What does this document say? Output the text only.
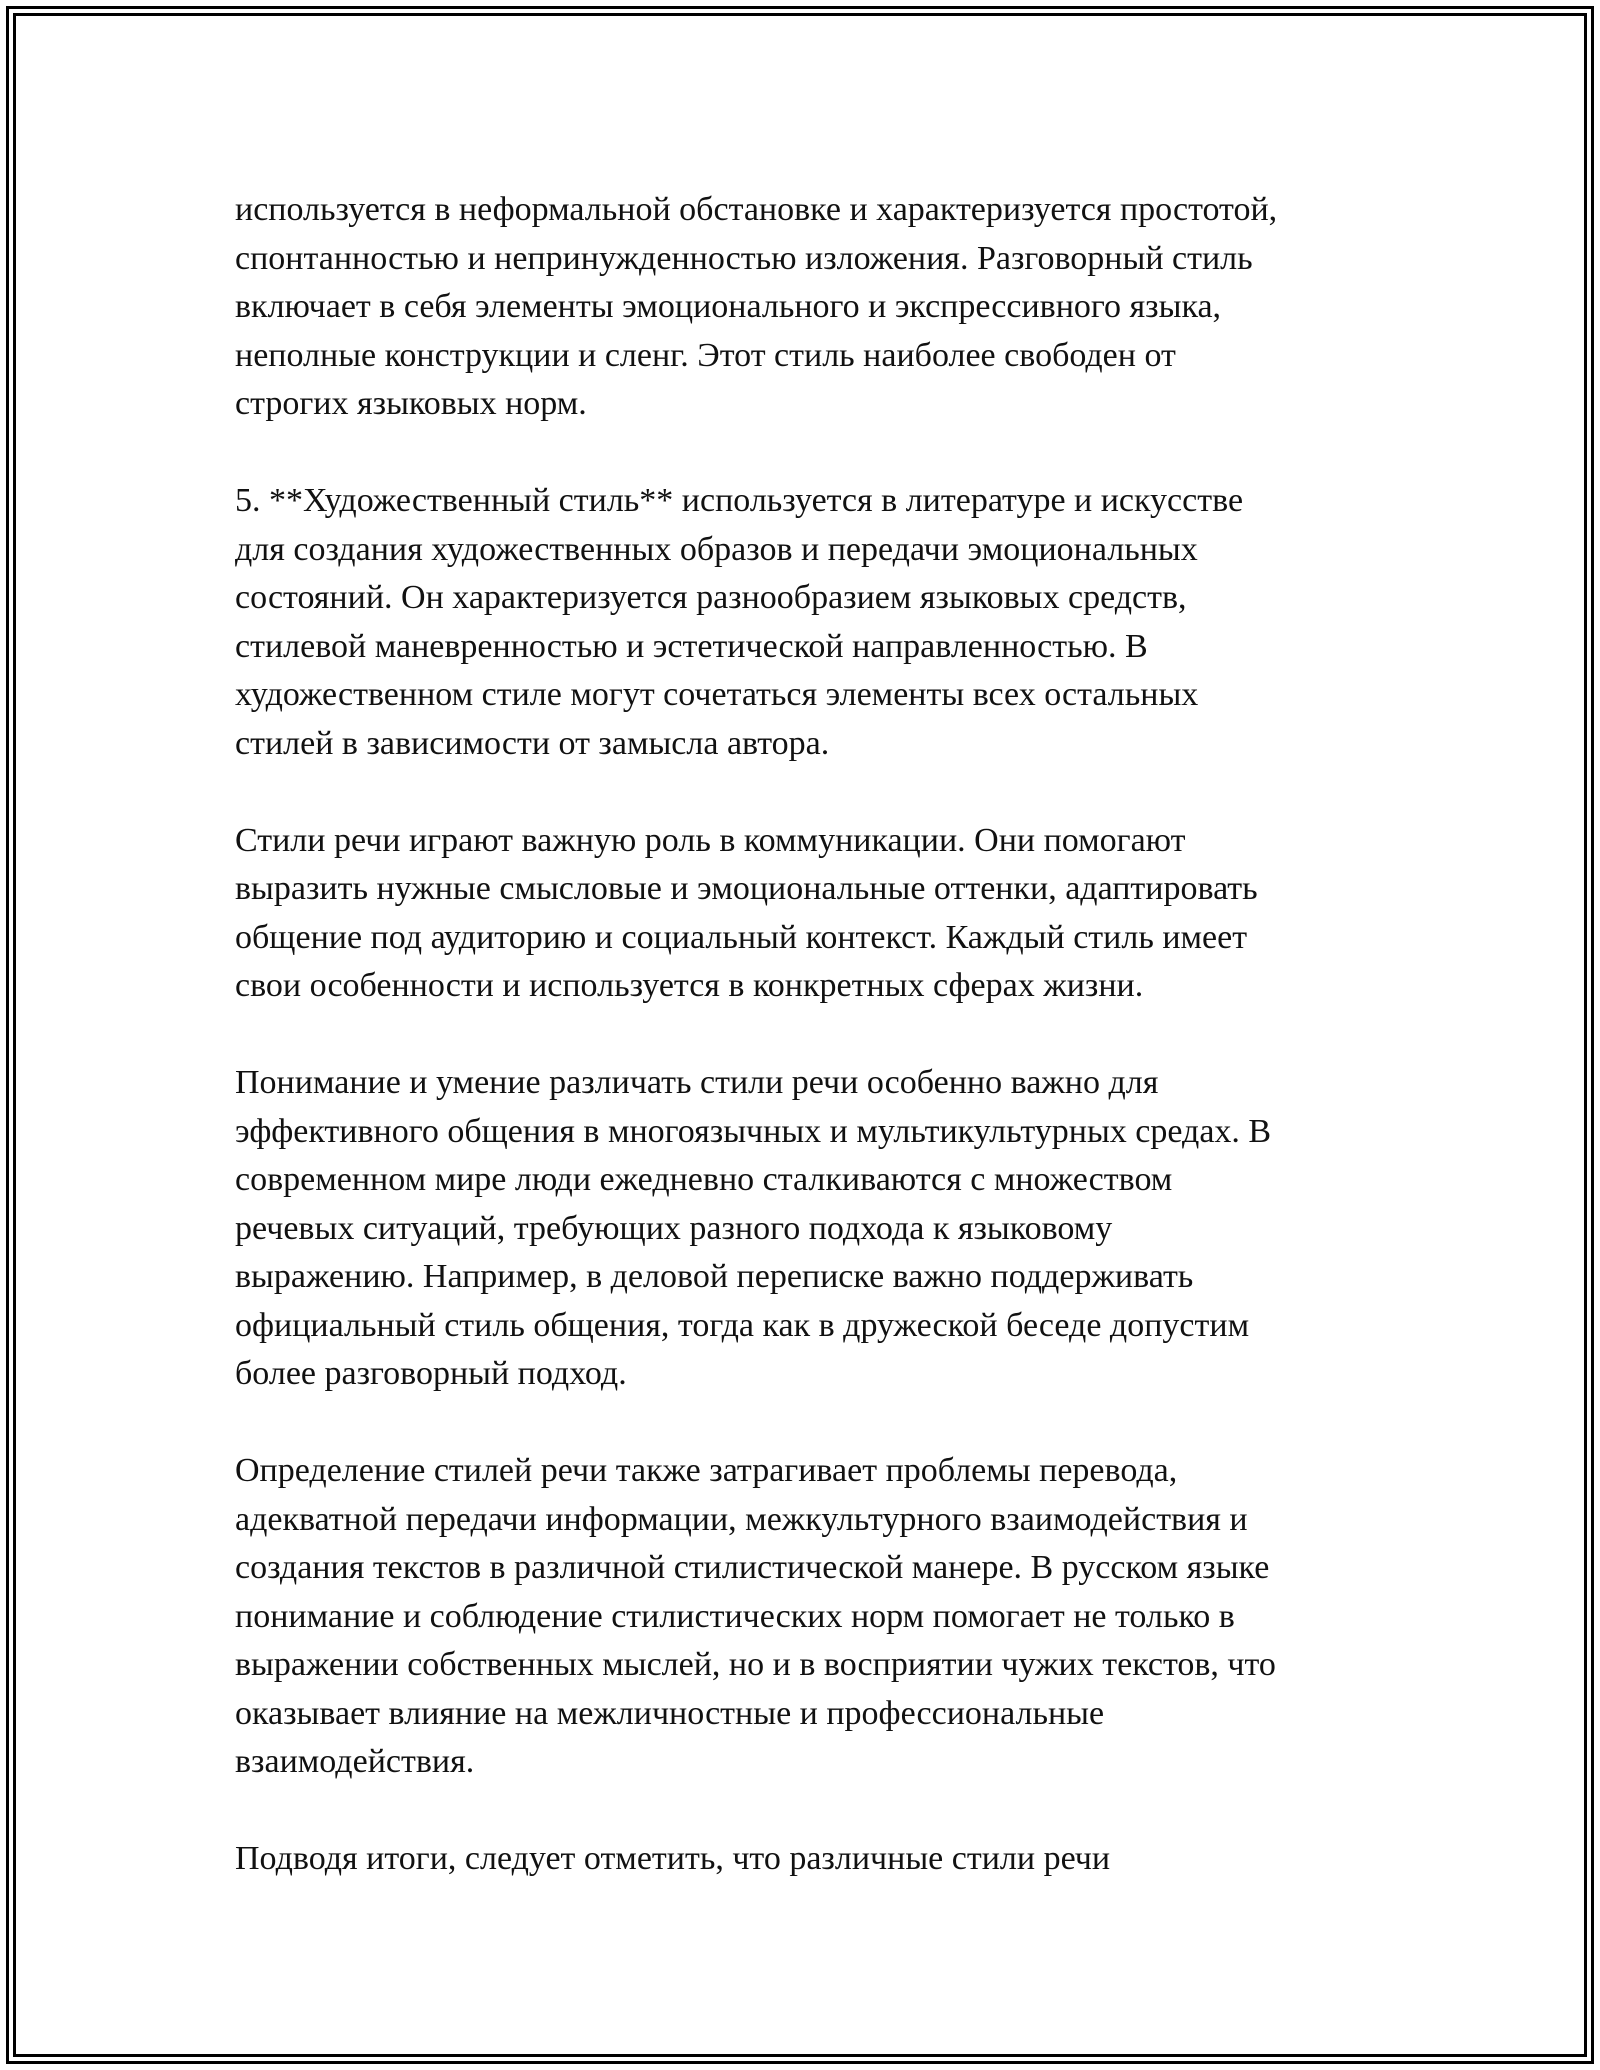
используется в неформальной обстановке и характеризуется простотой,
спонтанностью и непринужденностью изложения. Разговорный стиль
включает в себя элементы эмоционального и экспрессивного языка,
неполные конструкции и сленг. Этот стиль наиболее свободен от
строгих языковых норм.

5. **Художественный стиль** используется в литературе и искусстве
для создания художественных образов и передачи эмоциональных
состояний. Он характеризуется разнообразием языковых средств,
стилевой маневренностью и эстетической направленностью. В
художественном стиле могут сочетаться элементы всех остальных
стилей в зависимости от замысла автора.

Стили речи играют важную роль в коммуникации. Они помогают
выразить нужные смысловые и эмоциональные оттенки, адаптировать
общение под аудиторию и социальный контекст. Каждый стиль имеет
свои особенности и используется в конкретных сферах жизни.

Понимание и умение различать стили речи особенно важно для
эффективного общения в многоязычных и мультикультурных средах. В
современном мире люди ежедневно сталкиваются с множеством
речевых ситуаций, требующих разного подхода к языковому
выражению. Например, в деловой переписке важно поддерживать
официальный стиль общения, тогда как в дружеской беседе допустим
более разговорный подход.

Определение стилей речи также затрагивает проблемы перевода,
адекватной передачи информации, межкультурного взаимодействия и
создания текстов в различной стилистической манере. В русском языке
понимание и соблюдение стилистических норм помогает не только в
выражении собственных мыслей, но и в восприятии чужих текстов, что
оказывает влияние на межличностные и профессиональные
взаимодействия.

Подводя итоги, следует отметить, что различные стили речи
